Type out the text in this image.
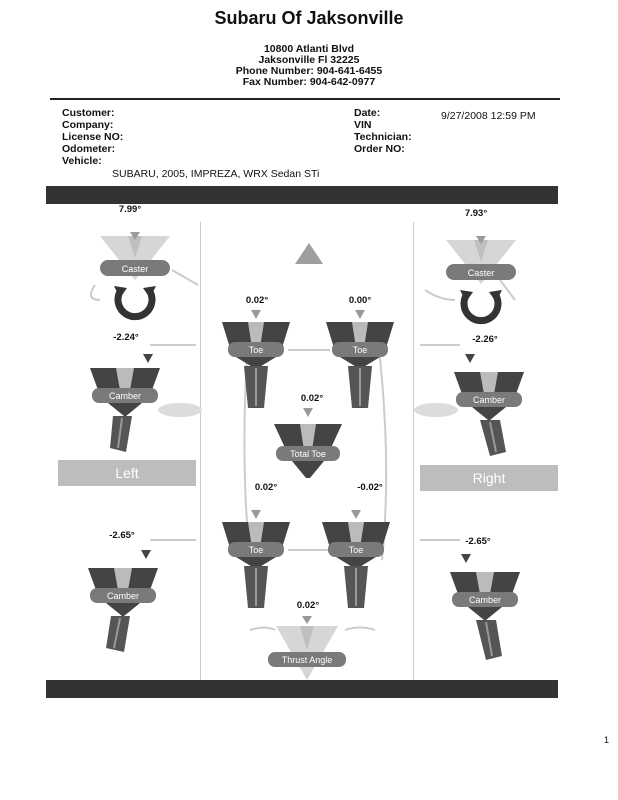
Subaru Of Jaksonville
10800 Atlanti Blvd
Jaksonville Fl 32225
Phone Number: 904-641-6455
Fax Number: 904-642-0977
Customer:
Company:
License NO:
Odometer:
Vehicle:
Date:
VIN
Technician:
Order NO:
9/27/2008 12:59 PM
SUBARU, 2005, IMPREZA, WRX Sedan STi
7.99°
Caster
7.93°
Caster
-2.24°
Camber
-2.26°
Camber
Left	Right
-2.65°
Camber
-2.65°
Camber
0.02°
Toe
0.00°
Toe
0.02°
Total Toe
0.02°
Toe
-0.02°
Toe
0.02°
Thrust Angle
1
